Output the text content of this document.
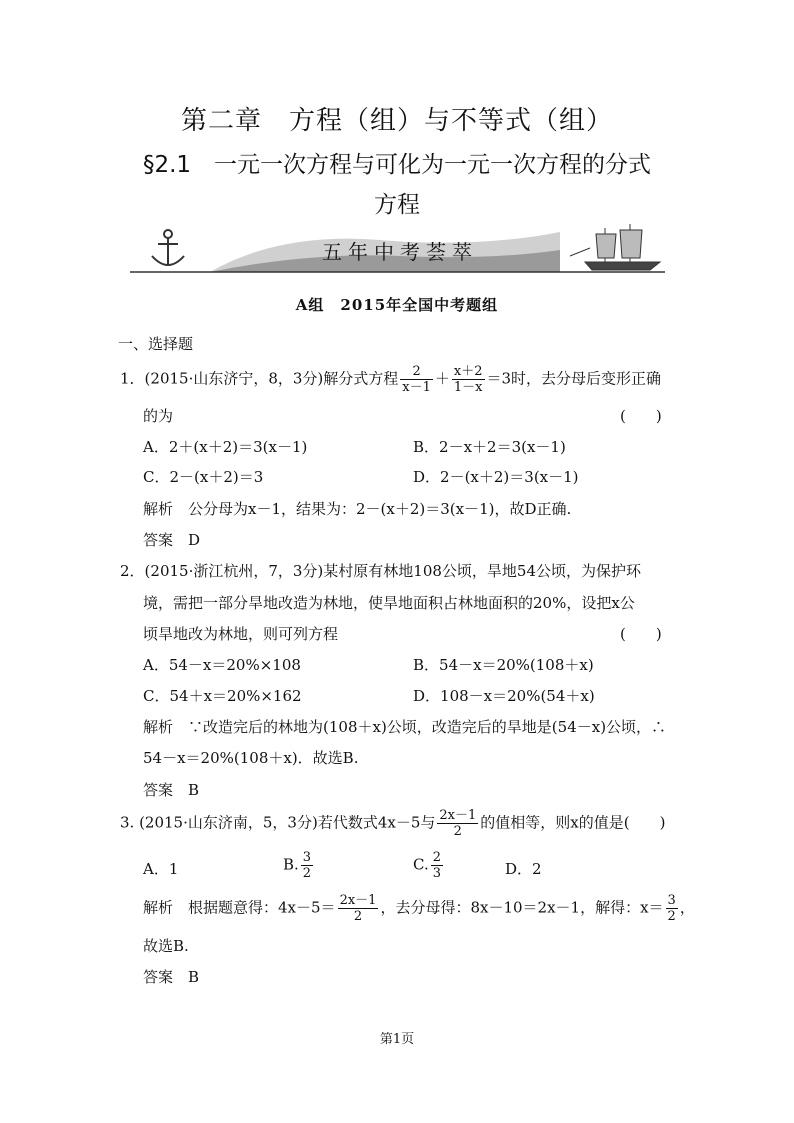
第二章　方程（组）与不等式（组）
§2.1　一元一次方程与可化为一元一次方程的分式
方程
五年中考荟萃
A组　2015年全国中考题组
一、选择题
1．(2015·山东济宁，8，3分)解分式方程 $\frac{2}{x-1} + \frac{x+2}{1-x} =3$时，去分母后变形正确
的为	(　　)
A．2＋(x＋2)＝3(x－1)	B．2－x＋2＝3(x－1)
C．2－(x＋2)＝3	D．2－(x＋2)＝3(x－1)
解析　公分母为x－1，结果为：2－(x＋2)＝3(x－1)，故D正确.
答案　D
2．(2015·浙江杭州，7，3分)某村原有林地108公顷，旱地54公顷，为保护环
境，需把一部分旱地改造为林地，使旱地面积占林地面积的20%，设把x公
顷旱地改为林地，则可列方程	(　　)
A．54－x＝20%×108	B．54－x＝20%(108＋x)
C．54＋x＝20%×162	D．108－x＝20%(54＋x)
解析　∵改造完后的林地为(108＋x)公顷，改造完后的旱地是(54－x)公顷，∴
54－x＝20%(108＋x)．故选B.
答案　B
3. (2015·山东济南，5，3分)若代数式4x－5与 $\frac{2x-1}{2}$ 的值相等，则x的值是(　　)
A．1	B. $\frac{3}{2}$	C. $\frac{2}{3}$	D．2
解析　根据题意得：$4x-5= \frac{2x-1}{2}$ ，去分母得：8x－10＝2x－1，解得：$x= \frac{3}{2}$ ，
故选B.
答案　B
第1页
